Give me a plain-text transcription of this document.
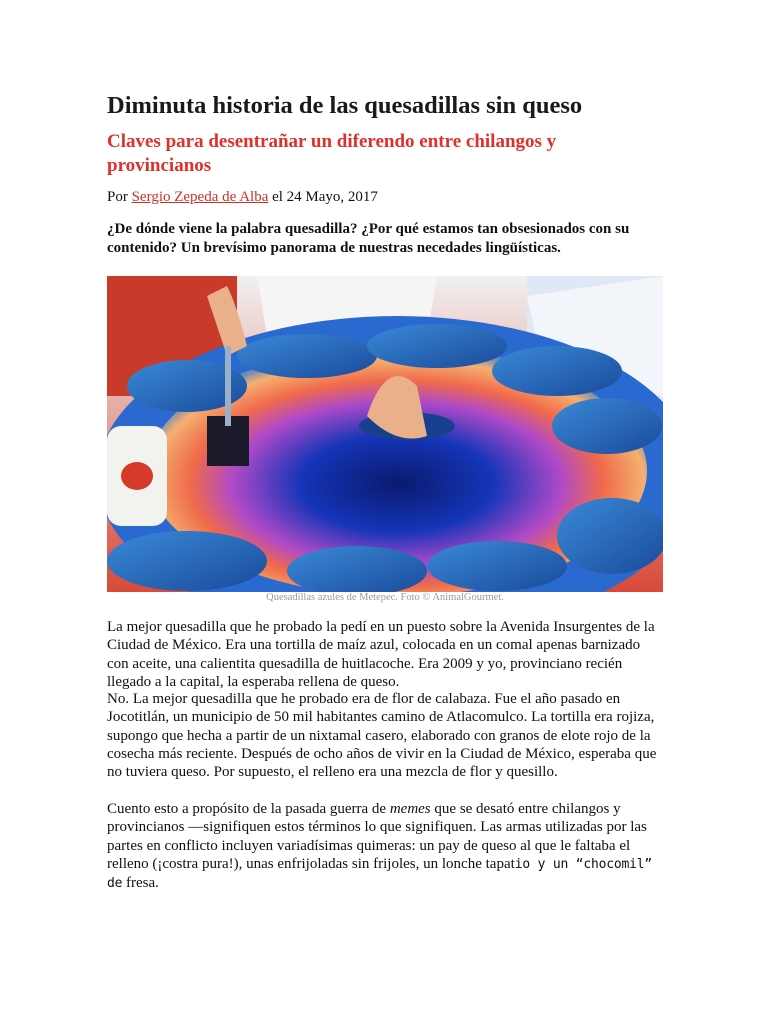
Diminuta historia de las quesadillas sin queso
Claves para desentrañar un diferendo entre chilangos y provincianos
Por Sergio Zepeda de Alba el 24 Mayo, 2017

¿De dónde viene la palabra quesadilla? ¿Por qué estamos tan obsesionados con su contenido? Un brevísimo panorama de nuestras necedades lingüísticas.

Quesadillas azules de Metepec. Foto © AnimalGourmet.

La mejor quesadilla que he probado la pedí en un puesto sobre la Avenida Insurgentes de la Ciudad de México. Era una tortilla de maíz azul, colocada en un comal apenas barnizado con aceite, una calientita quesadilla de huitlacoche. Era 2009 y yo, provinciano recién llegado a la capital, la esperaba rellena de queso.

No. La mejor quesadilla que he probado era de flor de calabaza. Fue el año pasado en Jocotitlán, un municipio de 50 mil habitantes camino de Atlacomulco. La tortilla era rojiza, supongo que hecha a partir de un nixtamal casero, elaborado con granos de elote rojo de la cosecha más reciente. Después de ocho años de vivir en la Ciudad de México, esperaba que no tuviera queso. Por supuesto, el relleno era una mezcla de flor y quesillo.

Cuento esto a propósito de la pasada guerra de memes que se desató entre chilangos y provincianos —signifiquen estos términos lo que signifiquen. Las armas utilizadas por las partes en conflicto incluyen variadísimas quimeras: un pay de queso al que le faltaba el relleno (¡costra pura!), unas enfrijoladas sin frijoles, un lonche tapatio y un “chocomil” de fresa.
